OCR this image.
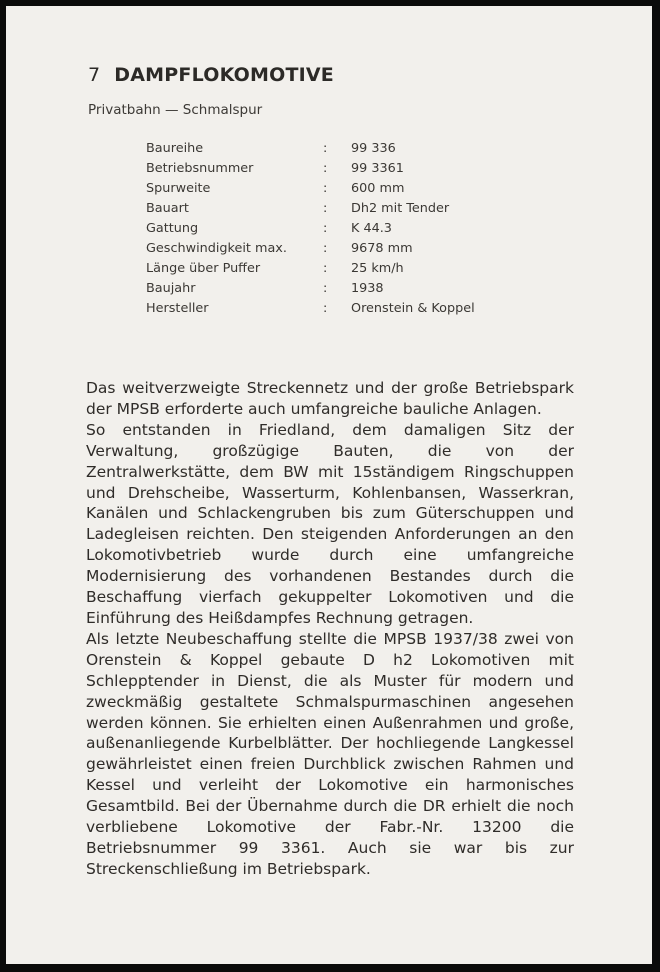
7 DAMPFLOKOMOTIVE
Privatbahn — Schmalspur
Baureihe	: 99 336
Betriebsnummer	: 99 3361
Spurweite	: 600 mm
Bauart	: Dh2 mit Tender
Gattung	: K 44.3
Geschwindigkeit max.	: 9678 mm
Länge über Puffer	: 25 km/h
Baujahr	: 1938
Hersteller	: Orenstein & Koppel

Das weitverzweigte Streckennetz und der große Betriebspark der MPSB erforderte auch umfangreiche bauliche Anlagen.

So entstanden in Friedland, dem damaligen Sitz der Verwaltung, großzügige Bauten, die von der Zentralwerkstätte, dem BW mit 15ständigem Ringschuppen und Drehscheibe, Wasserturm, Kohlenbansen, Wasserkran, Kanälen und Schlackengruben bis zum Güterschuppen und Ladegleisen reichten. Den steigenden Anforderungen an den Lokomotivbetrieb wurde durch eine umfangreiche Modernisierung des vorhandenen Bestandes durch die Beschaffung vierfach gekuppelter Lokomotiven und die Einführung des Heißdampfes Rechnung getragen.

Als letzte Neubeschaffung stellte die MPSB 1937/38 zwei von Orenstein & Koppel gebaute D h2 Lokomotiven mit Schlepptender in Dienst, die als Muster für modern und zweckmäßig gestaltete Schmalspurmaschinen angesehen werden können. Sie erhielten einen Außenrahmen und große, außenanliegende Kurbelblätter. Der hochliegende Langkessel gewährleistet einen freien Durchblick zwischen Rahmen und Kessel und verleiht der Lokomotive ein harmonisches Gesamtbild. Bei der Übernahme durch die DR erhielt die noch verbliebene Lokomotive der Fabr.-Nr. 13200 die Betriebsnummer 99 3361. Auch sie war bis zur Streckenschließung im Betriebspark.
